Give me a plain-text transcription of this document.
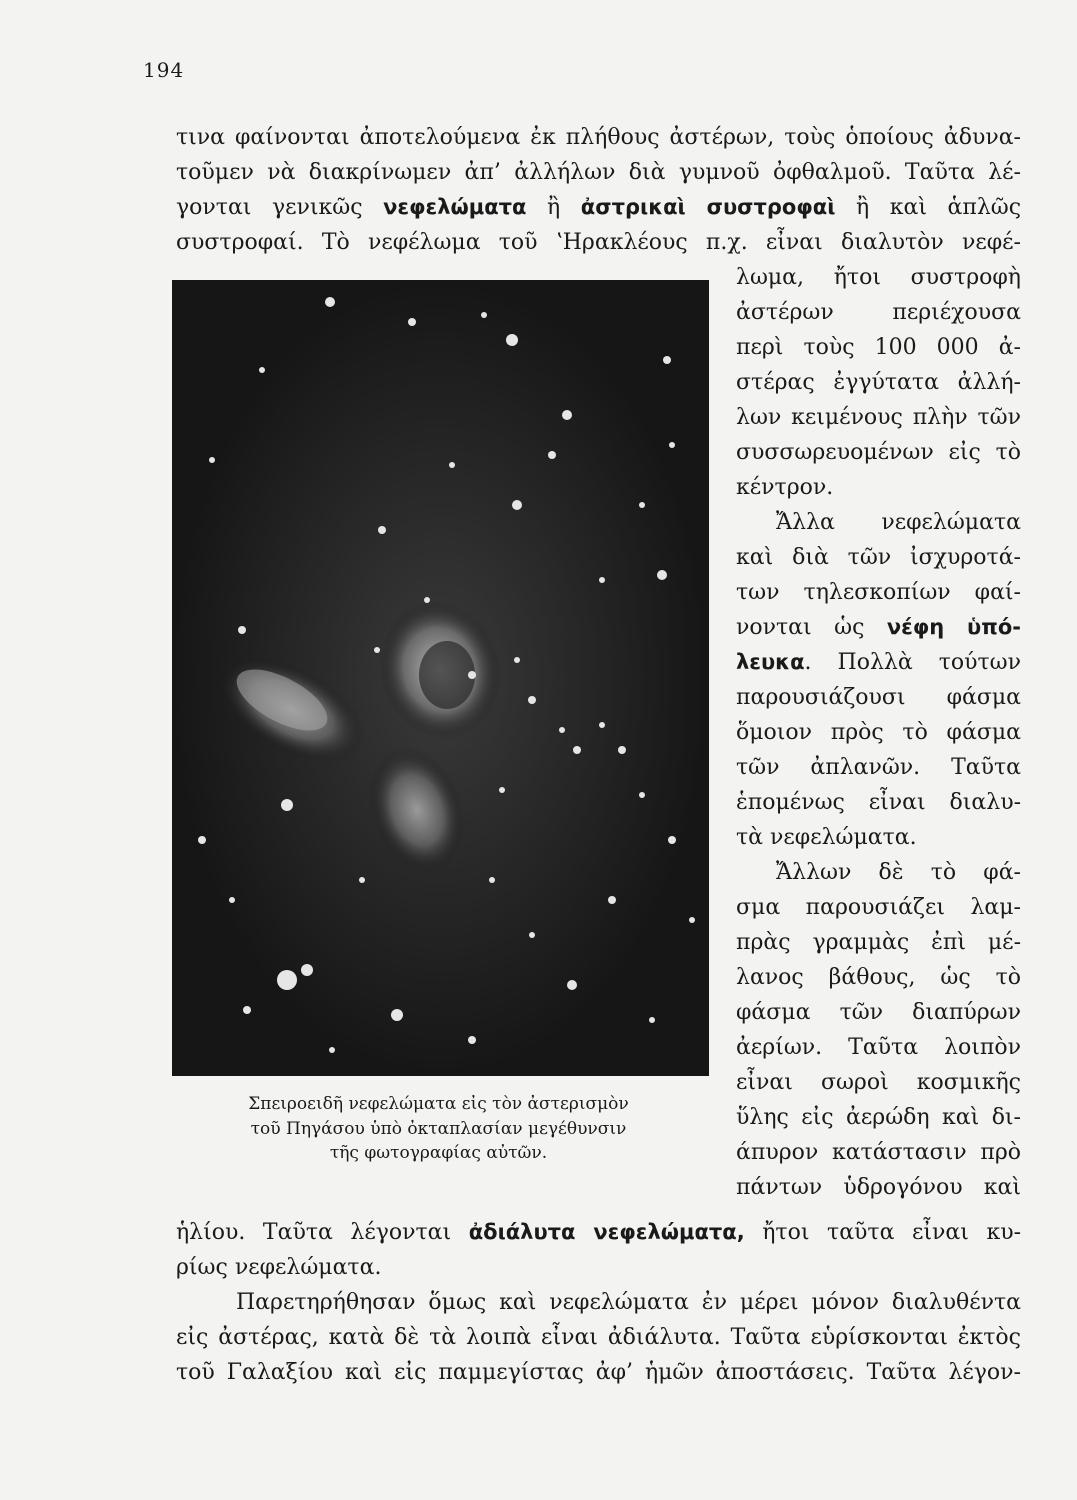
194
τινα φαίνονται ἀποτελούμενα ἐκ πλήθους ἀστέρων, τοὺς ὁποίους ἀδυνα-
τοῦμεν νὰ διακρίνωμεν ἀπ’ ἀλλήλων διὰ γυμνοῦ ὀφθαλμοῦ. Ταῦτα λέ-
γονται γενικῶς νεφελώματα ἢ ἀστρικαὶ συστροφαὶ ἢ καὶ ἁπλῶς
συστροφαί. Τὸ νεφέλωμα τοῦ ʽΗρακλέους π.χ. εἶναι διαλυτὸν νεφέ-
Σπειροειδῆ νεφελώματα εἰς τὸν ἀστερισμὸν
τοῦ Πηγάσου ὑπὸ ὀκταπλασίαν μεγέθυνσιν
τῆς φωτογραφίας αὐτῶν.
λωμα, ἤτοι συστροφὴ
ἀστέρων περιέχουσα
περὶ τοὺς 100 000 ἀ-
στέρας ἐγγύτατα ἀλλή-
λων κειμένους πλὴν τῶν
συσσωρευομένων εἰς τὸ
κέντρον.
Ἄλλα νεφελώματα
καὶ διὰ τῶν ἰσχυροτά-
των τηλεσκοπίων φαί-
νονται ὡς νέφη ὑπό-
λευκα. Πολλὰ τούτων
παρουσιάζουσι φάσμα
ὅμοιον πρὸς τὸ φάσμα
τῶν ἀπλανῶν. Ταῦτα
ἑπομένως εἶναι διαλυ-
τὰ νεφελώματα.
Ἄλλων δὲ τὸ φά-
σμα παρουσιάζει λαμ-
πρὰς γραμμὰς ἐπὶ μέ-
λανος βάθους, ὡς τὸ
φάσμα τῶν διαπύρων
ἀερίων. Ταῦτα λοιπὸν
εἶναι σωροὶ κοσμικῆς
ὕλης εἰς ἀερώδη καὶ δι-
άπυρον κατάστασιν πρὸ
πάντων ὑδρογόνου καὶ
ἡλίου. Ταῦτα λέγονται ἀδιάλυτα νεφελώματα, ἤτοι ταῦτα εἶναι κυ-
ρίως νεφελώματα.
Παρετηρήθησαν ὅμως καὶ νεφελώματα ἐν μέρει μόνον διαλυθέντα
εἰς ἀστέρας, κατὰ δὲ τὰ λοιπὰ εἶναι ἀδιάλυτα. Ταῦτα εὑρίσκονται ἐκτὸς
τοῦ Γαλαξίου καὶ εἰς παμμεγίστας ἀφ’ ἡμῶν ἀποστάσεις. Ταῦτα λέγον-
